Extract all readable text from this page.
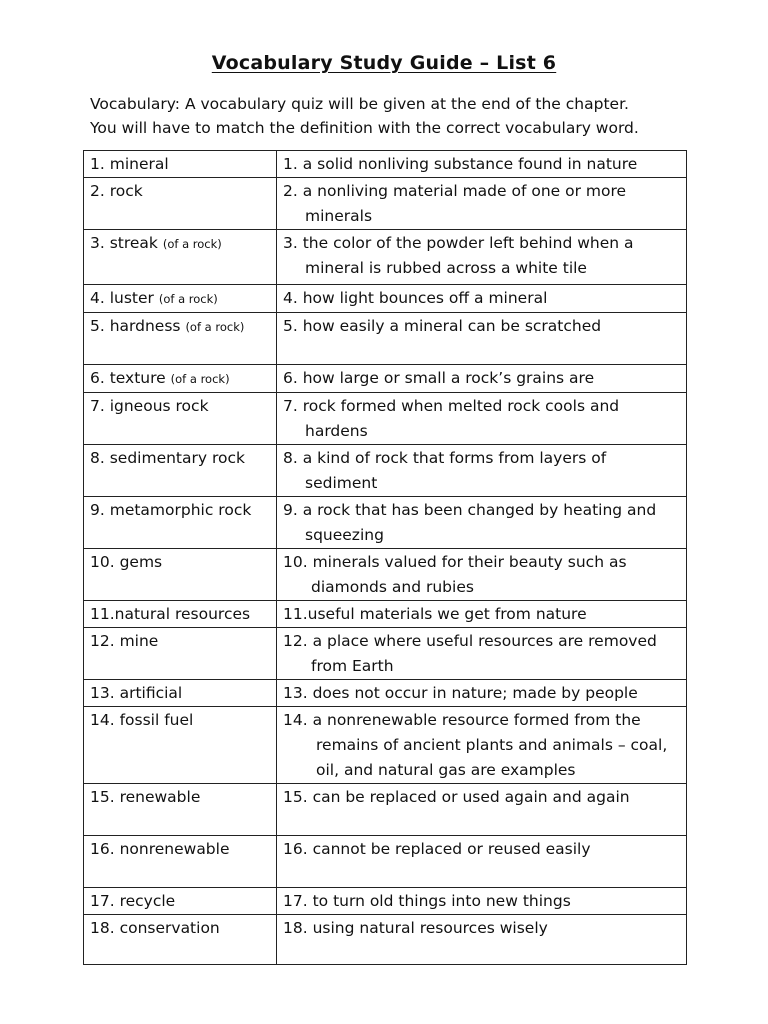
Vocabulary Study Guide – List 6
Vocabulary: A vocabulary quiz will be given at the end of the chapter.
You will have to match the definition with the correct vocabulary word.
1. mineral	1. a solid nonliving substance found in nature

2. rock	2. a nonliving material made of one or more
minerals

3. streak (of a rock)	3. the color of the powder left behind when a
mineral is rubbed across a white tile

4. luster (of a rock)	4. how light bounces off a mineral

5. hardness (of a rock)	5. how easily a mineral can be scratched

6. texture (of a rock)	6. how large or small a rock’s grains are

7. igneous rock	7. rock formed when melted rock cools and
hardens

8. sedimentary rock	8. a kind of rock that forms from layers of
sediment

9. metamorphic rock	9. a rock that has been changed by heating and
squeezing

10. gems	10. minerals valued for their beauty such as
diamonds and rubies

11.natural resources	11.useful materials we get from nature

12. mine	12. a place where useful resources are removed
from Earth

13. artificial	13. does not occur in nature; made by people

14. fossil fuel	14. a nonrenewable resource formed from the
remains of ancient plants and animals – coal,
oil, and natural gas are examples

15. renewable	15. can be replaced or used again and again

16. nonrenewable	16. cannot be replaced or reused easily

17. recycle	17. to turn old things into new things

18. conservation	18. using natural resources wisely
